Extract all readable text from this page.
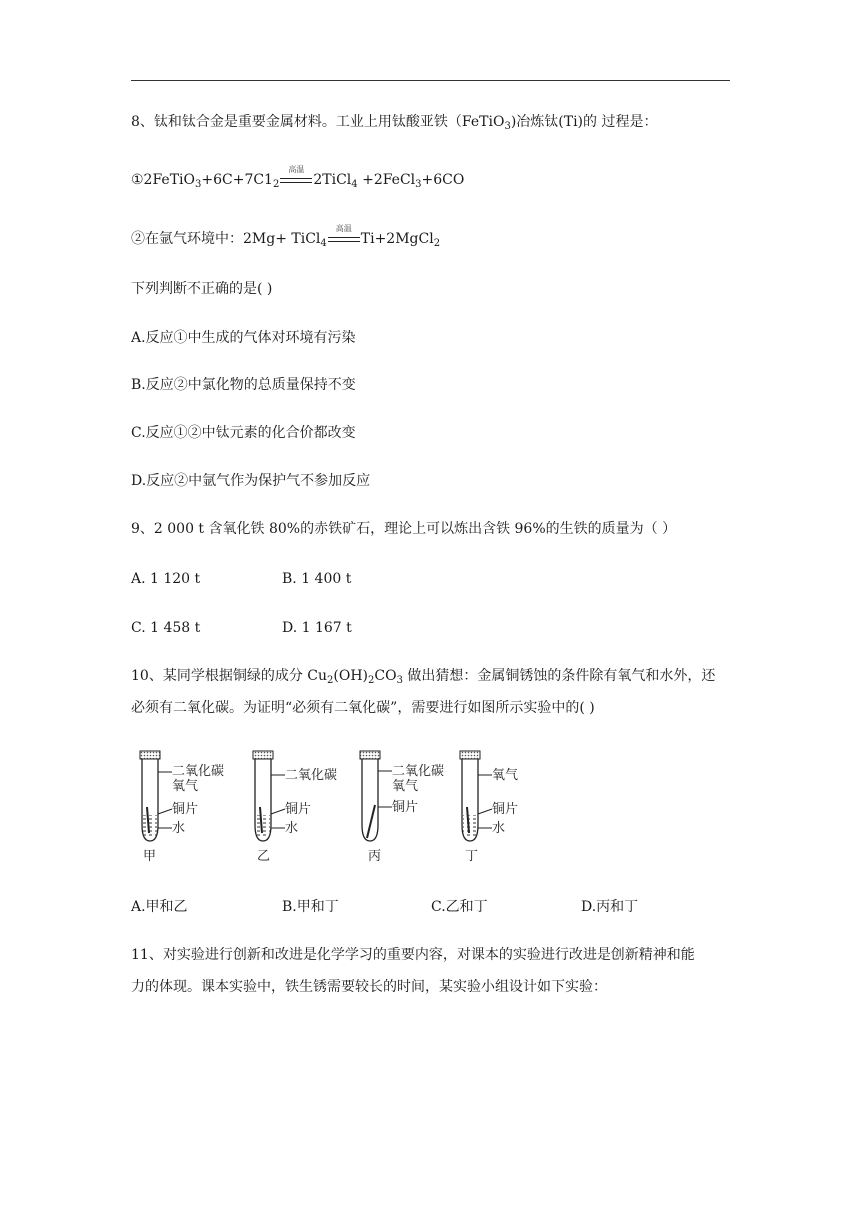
8、钛和钛合金是重要金属材料。工业上用钛酸亚铁（FeTiO$_3$)冶炼钛(Ti)的 过程是：
$①2FeTiO_3+6C+7C1_2$
高温
2TiCl$_4$ +2FeCl$_3$+6CO
②在氩气环境中：2Mg+ TiCl$_4$
高温
Ti+2MgCl$_2$
下列判断不正确的是( )
A.反应①中生成的气体对环境有污染
B.反应②中氯化物的总质量保持不变
C.反应①②中钛元素的化合价都改变
D.反应②中氩气作为保护气不参加反应
9、2 000 t 含氧化铁 80%的赤铁矿石，理论上可以炼出含铁 96%的生铁的质量为（ ）
A. 1 120 t	B. 1 400 t
C. 1 458 t	D. 1 167 t
10、某同学根据铜绿的成分 $Cu_2(OH)_2CO_3$ 做出猜想：金属铜锈蚀的条件除有氧气和水外，还
必须有二氧化碳。为证明“必须有二氧化碳”，需要进行如图所示实验中的( )
二氧化碳
氧气
铜片
水
甲
二氧化碳
铜片
水
乙
二氧化碳
氧气
铜片
丙
氧气
铜片
水
丁
A.甲和乙	B.甲和丁	C.乙和丁	D.丙和丁
11、对实验进行创新和改进是化学学习的重要内容，对课本的实验进行改进是创新精神和能
力的体现。课本实验中，铁生锈需要较长的时间，某实验小组设计如下实验：
